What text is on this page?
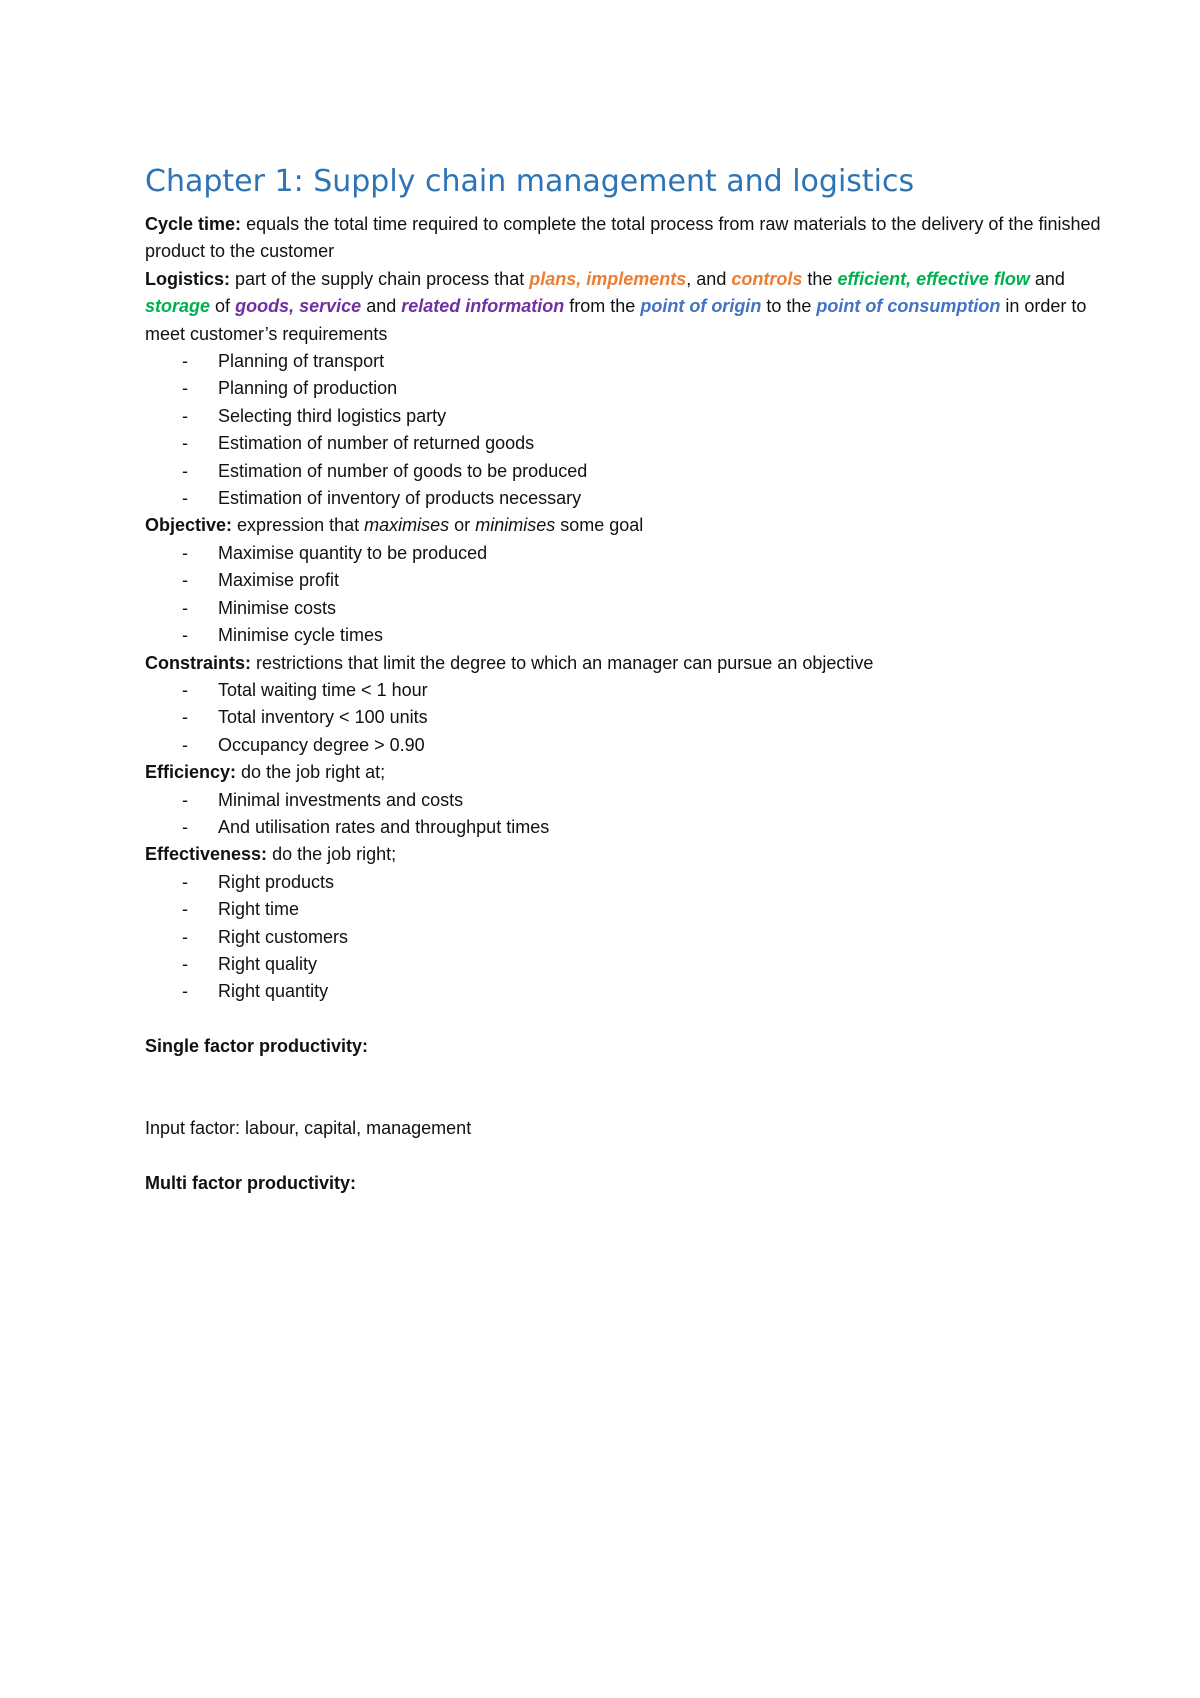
Chapter 1: Supply chain management and logistics

Cycle time: equals the total time required to complete the total process from raw materials to the delivery of the finished product to the customer

Logistics: part of the supply chain process that plans, implements, and controls the efficient, effective flow and storage of goods, service and related information from the point of origin to the point of consumption in order to meet customer’s requirements

- Planning of transport
- Planning of production
- Selecting third logistics party
- Estimation of number of returned goods
- Estimation of number of goods to be produced
- Estimation of inventory of products necessary

Objective: expression that maximises or minimises some goal

- Maximise quantity to be produced
- Maximise profit
- Minimise costs
- Minimise cycle times

Constraints: restrictions that limit the degree to which an manager can pursue an objective

- Total waiting time < 1 hour
- Total inventory < 100 units
- Occupancy degree > 0.90

Efficiency: do the job right at;

- Minimal investments and costs
- And utilisation rates and throughput times

Effectiveness: do the job right;

- Right products
- Right time
- Right customers
- Right quality
- Right quantity

Single factor productivity:

Input factor: labour, capital, management

Multi factor productivity:
